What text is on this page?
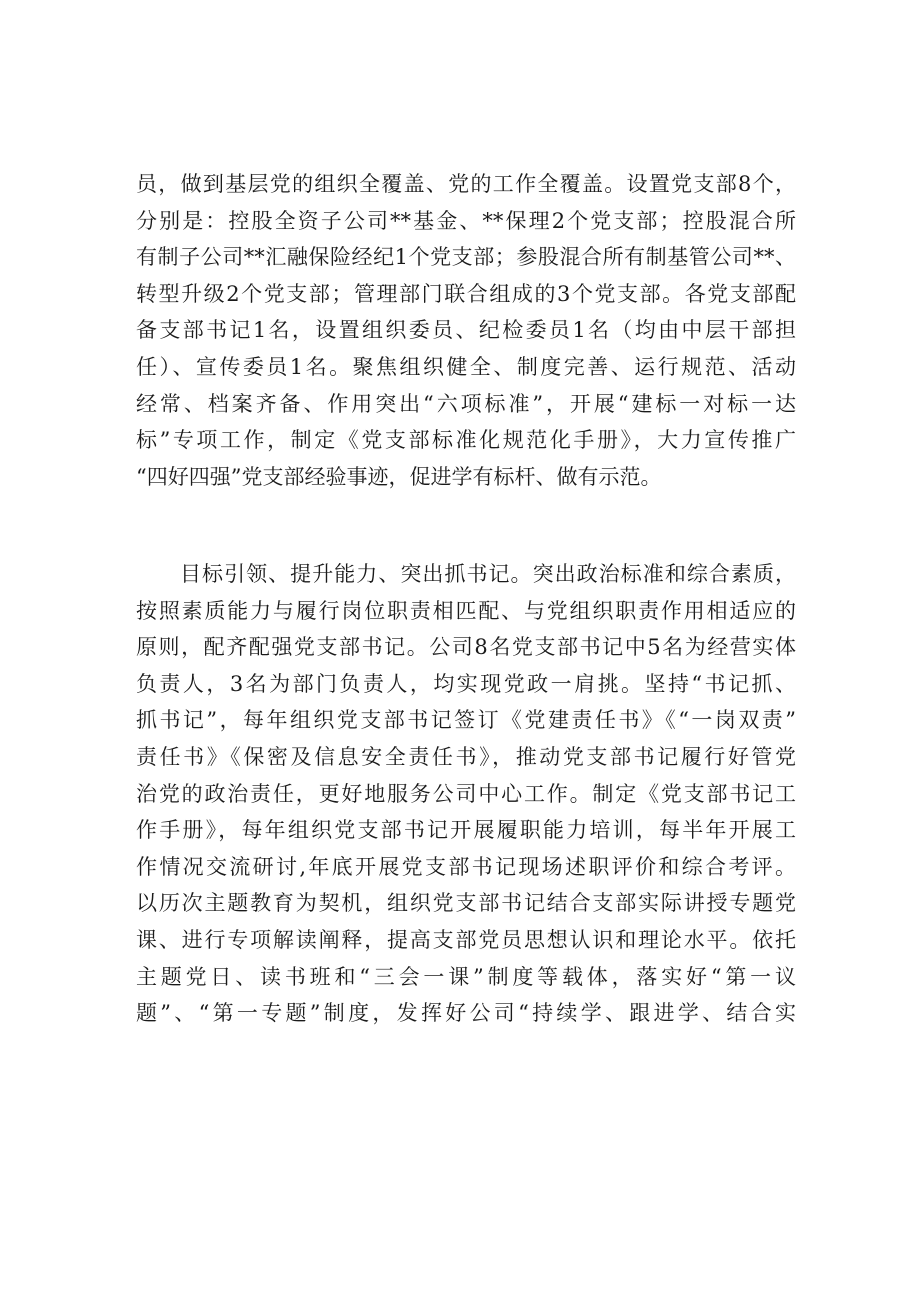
员，做到基层党的组织全覆盖、党的工作全覆盖。设置党支部8个，
分别是：控股全资子公司**基金、**保理2个党支部；控股混合所
有制子公司**汇融保险经纪1个党支部；参股混合所有制基管公司**、
转型升级2个党支部；管理部门联合组成的3个党支部。各党支部配
备支部书记1名，设置组织委员、纪检委员1名（均由中层干部担
任）、宣传委员1名。聚焦组织健全、制度完善、运行规范、活动
经常、档案齐备、作用突出“六项标准”，开展“建标一对标一达
标”专项工作，制定《党支部标准化规范化手册》，大力宣传推广
“四好四强”党支部经验事迹，促进学有标杆、做有示范。
目标引领、提升能力、突出抓书记。突出政治标准和综合素质，
按照素质能力与履行岗位职责相匹配、与党组织职责作用相适应的
原则，配齐配强党支部书记。公司8名党支部书记中5名为经营实体
负责人，3名为部门负责人，均实现党政一肩挑。坚持“书记抓、
抓书记”，每年组织党支部书记签订《党建责任书》《“一岗双责”
责任书》《保密及信息安全责任书》，推动党支部书记履行好管党
治党的政治责任，更好地服务公司中心工作。制定《党支部书记工
作手册》，每年组织党支部书记开展履职能力培训，每半年开展工
作情况交流研讨,年底开展党支部书记现场述职评价和综合考评。
以历次主题教育为契机，组织党支部书记结合支部实际讲授专题党
课、进行专项解读阐释，提高支部党员思想认识和理论水平。依托
主题党日、读书班和“三会一课”制度等载体，落实好“第一议
题”、“第一专题”制度，发挥好公司“持续学、跟进学、结合实
